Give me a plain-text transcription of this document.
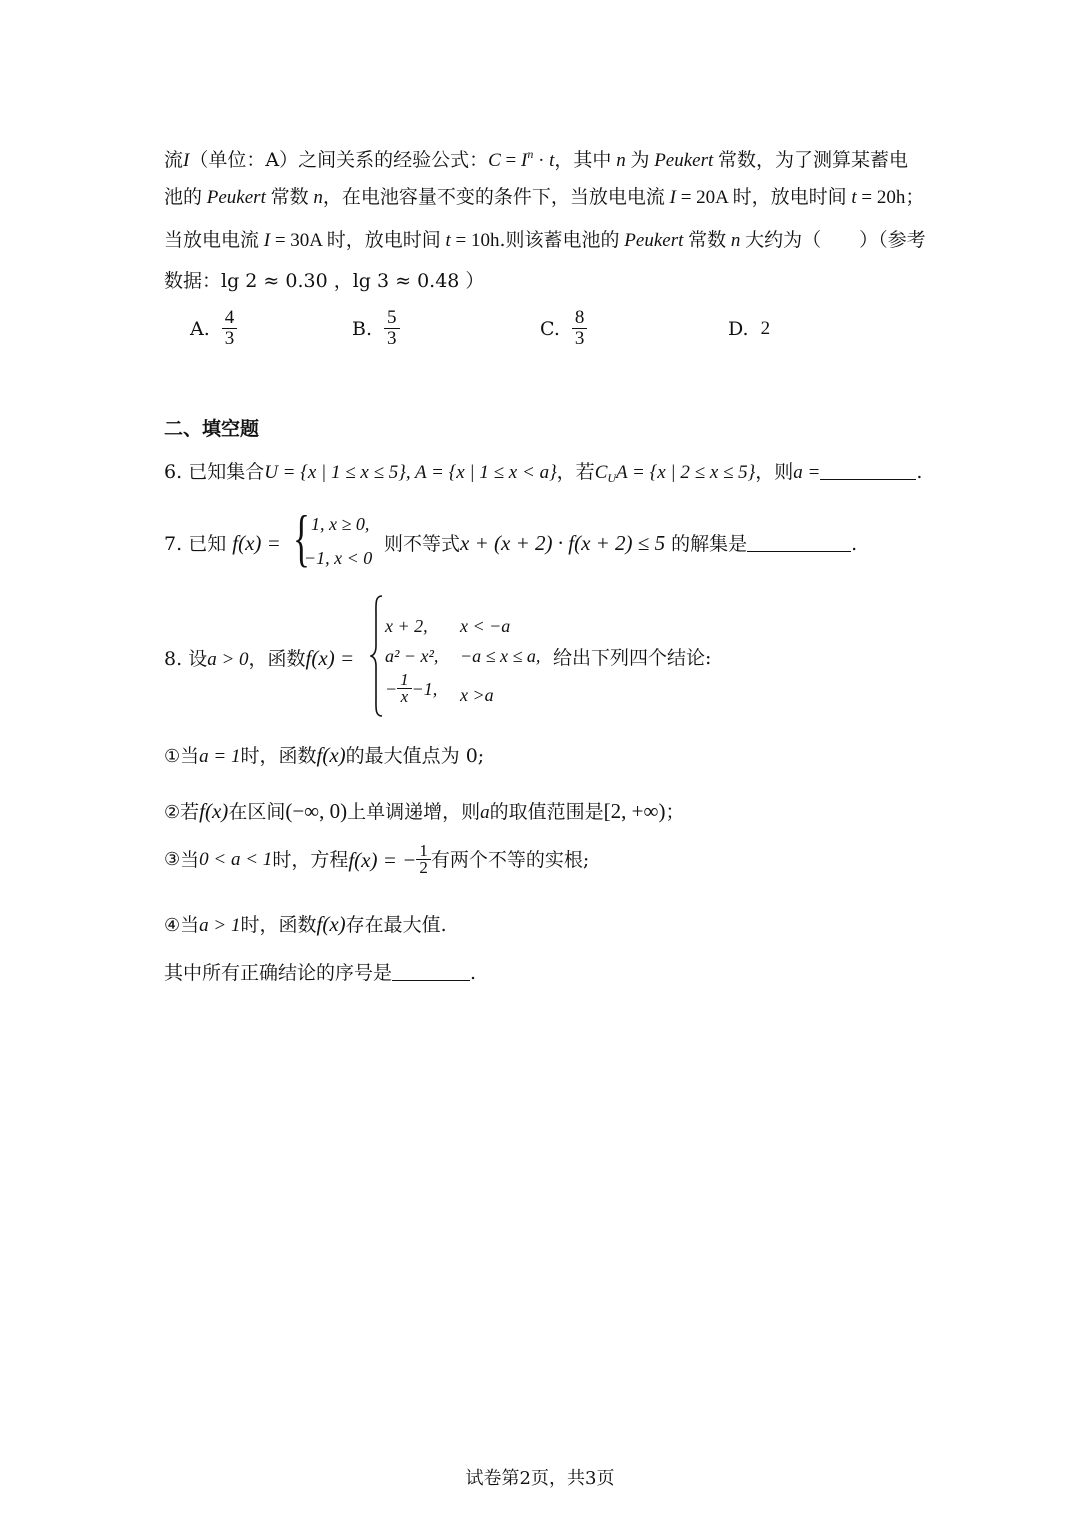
流I（单位：A）之间关系的经验公式：$C = I^n \cdot t$，其中 n 为 Peukert 常数，为了测算某蓄电
池的 Peukert 常数 n，在电池容量不变的条件下，当放电电流 I = 20A 时，放电时间 t = 20h；
当放电电流 I = 30A 时，放电时间 t = 10h.则该蓄电池的 Peukert 常数 n 大约为（　　）（参考
数据：lg 2 ≈ 0.30 ，lg 3 ≈ 0.48 ）
A. $\frac{4}{3}$	B. $\frac{5}{3}$	C. $\frac{8}{3}$	D. 2
二、填空题
6. 已知集合U = {x | 1 ≤ x ≤ 5}, A = {x | 1 ≤ x < a}，若$C_UA = \{x$ | 2 ≤ x ≤ 5}，则a =	.
7. 已知 f(x) = { 1, x ≥ 0,
−1, x < 0
则不等式x + (x + 2) · f(x + 2) ≤ 5 的解集是	.
8. 设a > 0，函数f(x) =
x + 2, x < −a
a² − x², −a ≤ x ≤ a,
− $\frac{1}{x} -1$, x >a
给出下列四个结论:
①当a = 1时，函数f(x)的最大值点为 0;
②若f(x)在区间(−∞, 0)上单调递增，则a的取值范围是[2, +∞)；
③ 当 0 < a < 1 时，方程 f(x) = − $\frac{1}{2}$ 有两个不等的实根;
④当a > 1时，函数f(x)存在最大值.
其中所有正确结论的序号是	.
试卷第2页，共3页
